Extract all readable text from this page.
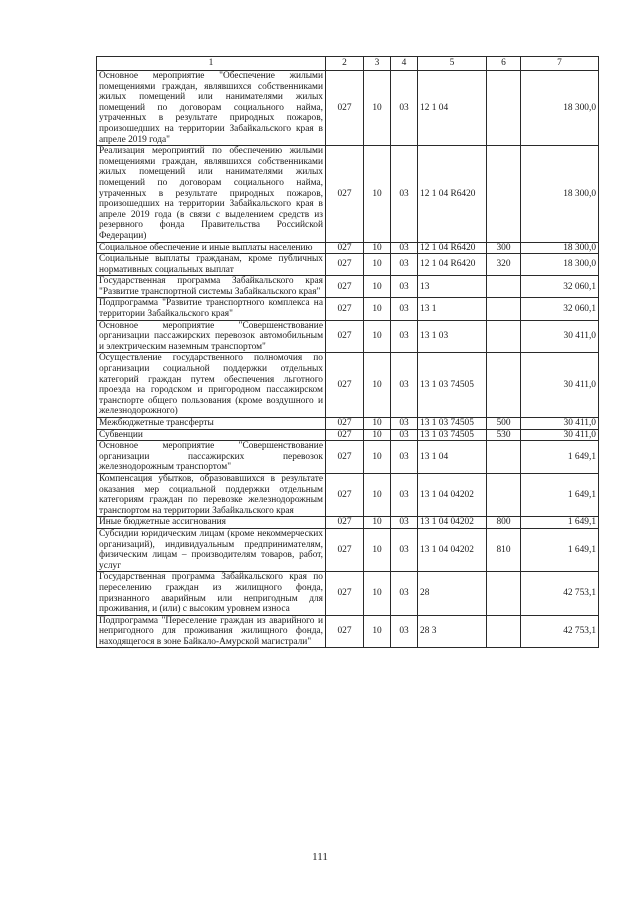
1	2	3	4	5	6	7
Основное мероприятие "Обеспечение жилыми помещениями граждан, являвшихся собственниками жилых помещений или нанимателями жилых помещений по договорам социального найма, утраченных в результате природных пожаров, произошедших на территории Забайкальского края в апреле 2019 года"	027	10	03	12 1 04		18 300,0
Реализация мероприятий по обеспечению жилыми помещениями граждан, являвшихся собственниками жилых помещений или нанимателями жилых помещений по договорам социального найма, утраченных в результате природных пожаров, произошедших на территории Забайкальского края в апреле 2019 года (в связи с выделением средств из резервного фонда Правительства Российской Федерации)	027	10	03	12 1 04 R6420		18 300,0
Социальное обеспечение и иные выплаты населению	027	10	03	12 1 04 R6420	300	18 300,0
Социальные выплаты гражданам, кроме публичных нормативных социальных выплат	027	10	03	12 1 04 R6420	320	18 300,0
Государственная программа Забайкальского края "Развитие транспортной системы Забайкальского края"	027	10	03	13		32 060,1
Подпрограмма "Развитие транспортного комплекса на территории Забайкальского края"	027	10	03	13 1		32 060,1
Основное мероприятие "Совершенствование организации пассажирских перевозок автомобильным и электрическим наземным транспортом"	027	10	03	13 1 03		30 411,0
Осуществление государственного полномочия по организации социальной поддержки отдельных категорий граждан путем обеспечения льготного проезда на городском и пригородном пассажирском транспорте общего пользования (кроме воздушного и железнодорожного)	027	10	03	13 1 03 74505		30 411,0
Межбюджетные трансферты	027	10	03	13 1 03 74505	500	30 411,0
Субвенции	027	10	03	13 1 03 74505	530	30 411,0
Основное мероприятие "Совершенствование организации пассажирских перевозок железнодорожным транспортом"	027	10	03	13 1 04		1 649,1
Компенсация убытков, образовавшихся в результате оказания мер социальной поддержки отдельным категориям граждан по перевозке железнодорожным транспортом на территории Забайкальского края	027	10	03	13 1 04 04202		1 649,1
Иные бюджетные ассигнования	027	10	03	13 1 04 04202	800	1 649,1
Субсидии юридическим лицам (кроме некоммерческих организаций), индивидуальным предпринимателям, физическим лицам – производителям товаров, работ, услуг	027	10	03	13 1 04 04202	810	1 649,1
Государственная программа Забайкальского края по переселению граждан из жилищного фонда, признанного аварийным или непригодным для проживания, и (или) с высоким уровнем износа	027	10	03	28		42 753,1
Подпрограмма "Переселение граждан из аварийного и непригодного для проживания жилищного фонда, находящегося в зоне Байкало-Амурской магистрали"	027	10	03	28 3		42 753,1
111
